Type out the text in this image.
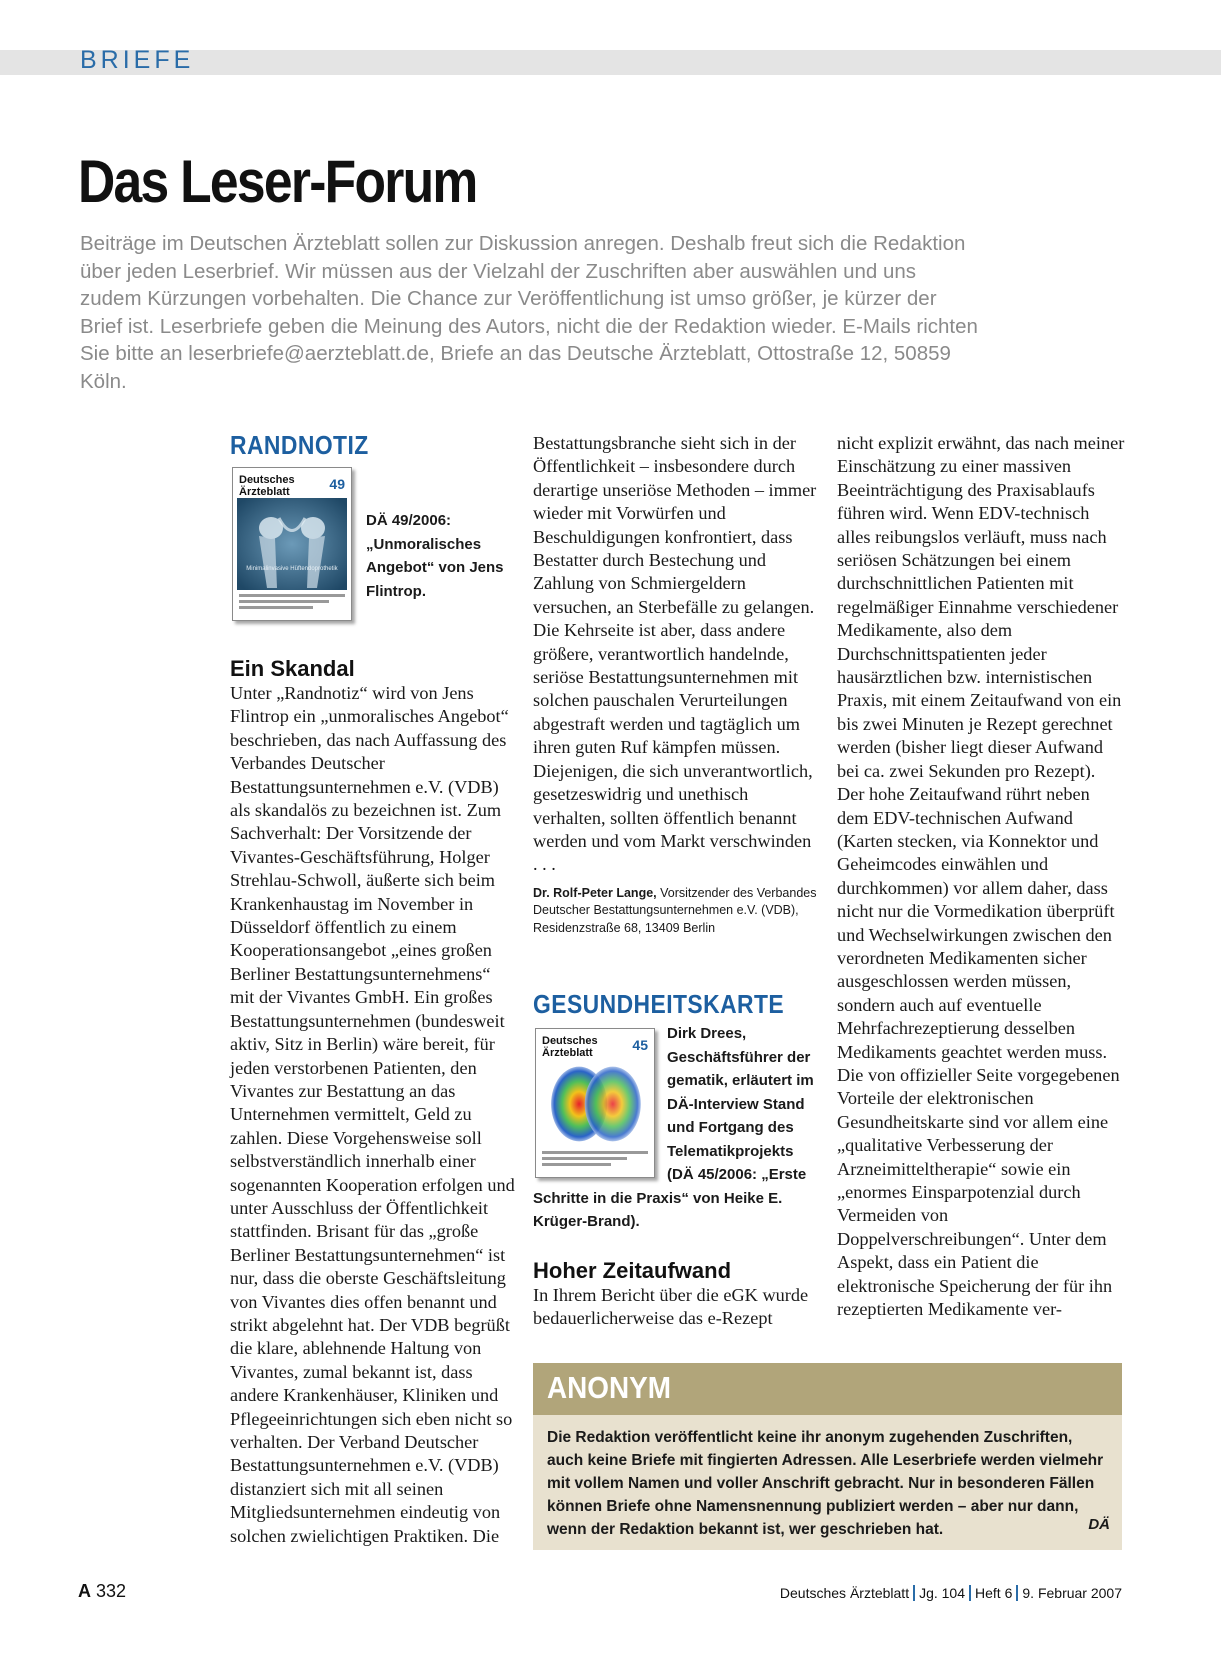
BRIEFE
Das Leser-Forum

Beiträge im Deutschen Ärzteblatt sollen zur Diskussion anregen. Deshalb freut sich die Redaktion über jeden Leserbrief. Wir müssen aus der Vielzahl der Zuschriften aber auswählen und uns zudem Kürzungen vorbehalten. Die Chance zur Veröffentlichung ist umso größer, je kürzer der Brief ist. Leserbriefe geben die Meinung des Autors, nicht die der Redaktion wieder. E-Mails richten Sie bitte an leserbriefe@aerzteblatt.de, Briefe an das Deutsche Ärzteblatt, Ottostraße 12, 50859 Köln.

RANDNOTIZ
Deutsches
Ärzteblatt	49
Minimalinvasive Hüftendoprothetik

DÄ 49/2006: „Unmoralisches Angebot“ von Jens Flintrop.

Ein Skandal

Unter „Randnotiz“ wird von Jens Flintrop ein „unmoralisches Angebot“ beschrieben, das nach Auffassung des Verbandes Deutscher Bestattungsunternehmen e.V. (VDB) als skandalös zu bezeichnen ist. Zum Sachverhalt: Der Vorsitzende der Vivantes-Geschäftsführung, Holger Strehlau-Schwoll, äußerte sich beim Krankenhaustag im November in Düsseldorf öffentlich zu einem Kooperationsangebot „eines großen Berliner Bestattungsunternehmens“ mit der Vivantes GmbH. Ein großes Bestattungsunternehmen (bundesweit aktiv, Sitz in Berlin) wäre bereit, für jeden verstorbenen Patienten, den Vivantes zur Bestattung an das Unternehmen vermittelt, Geld zu zahlen. Diese Vorgehensweise soll selbstverständlich innerhalb einer sogenannten Kooperation erfolgen und unter Ausschluss der Öffentlichkeit stattfinden. Brisant für das „große Berliner Bestattungsunternehmen“ ist nur, dass die oberste Geschäftsleitung von Vivantes dies offen benannt und strikt abgelehnt hat. Der VDB begrüßt die klare, ablehnende Haltung von Vivantes, zumal bekannt ist, dass andere Krankenhäuser, Kliniken und Pflegeeinrichtungen sich eben nicht so verhalten. Der Verband Deutscher Bestattungsunternehmen e.V. (VDB) distanziert sich mit all seinen Mitgliedsunternehmen eindeutig von solchen zwielichtigen Praktiken. Die

Bestattungsbranche sieht sich in der Öffentlichkeit – insbesondere durch derartige unseriöse Methoden – immer wieder mit Vorwürfen und Beschuldigungen konfrontiert, dass Bestatter durch Bestechung und Zahlung von Schmiergeldern versuchen, an Sterbefälle zu gelangen. Die Kehrseite ist aber, dass andere größere, verantwortlich handelnde, seriöse Bestattungsunternehmen mit solchen pauschalen Verurteilungen abgestraft werden und tagtäglich um ihren guten Ruf kämpfen müssen. Diejenigen, die sich unverantwortlich, gesetzeswidrig und unethisch verhalten, sollten öffentlich benannt werden und vom Markt verschwinden . . .

Dr. Rolf-Peter Lange, Vorsitzender des Verbandes Deutscher Bestattungsunternehmen e.V. (VDB), Residenzstraße 68, 13409 Berlin

GESUNDHEITSKARTE
Deutsches
Ärzteblatt	45

Dirk Drees, Geschäftsführer der gematik, erläutert im DÄ-Interview Stand und Fortgang des Telematikprojekts (DÄ 45/2006: „Erste Schritte in die Praxis“ von Heike E. Krüger-Brand).

Hoher Zeitaufwand

In Ihrem Bericht über die eGK wurde bedauerlicherweise das e-Rezept

nicht explizit erwähnt, das nach meiner Einschätzung zu einer massiven Beeinträchtigung des Praxisablaufs führen wird. Wenn EDV-technisch alles reibungslos verläuft, muss nach seriösen Schätzungen bei einem durchschnittlichen Patienten mit regelmäßiger Einnahme verschiedener Medikamente, also dem Durchschnittspatienten jeder hausärztlichen bzw. internistischen Praxis, mit einem Zeitaufwand von ein bis zwei Minuten je Rezept gerechnet werden (bisher liegt dieser Aufwand bei ca. zwei Sekunden pro Rezept). Der hohe Zeitaufwand rührt neben dem EDV-technischen Aufwand (Karten stecken, via Konnektor und Geheimcodes einwählen und durchkommen) vor allem daher, dass nicht nur die Vormedikation überprüft und Wechselwirkungen zwischen den verordneten Medikamenten sicher ausgeschlossen werden müssen, sondern auch auf eventuelle Mehrfachrezeptierung desselben Medikaments geachtet werden muss. Die von offizieller Seite vorgegebenen Vorteile der elektronischen Gesundheitskarte sind vor allem eine „qualitative Verbesserung der Arzneimitteltherapie“ sowie ein „enormes Einsparpotenzial durch Vermeiden von Doppelverschreibungen“. Unter dem Aspekt, dass ein Patient die elektronische Speicherung der für ihn rezeptierten Medikamente ver-

ANONYM

Die Redaktion veröffentlicht keine ihr anonym zugehenden Zuschriften, auch keine Briefe mit fingierten Adressen. Alle Leserbriefe werden vielmehr mit vollem Namen und voller Anschrift gebracht. Nur in besonderen Fällen können Briefe ohne Namensnennung publiziert werden – aber nur dann, wenn der Redaktion bekannt ist, wer geschrieben hat.	DÄ
A 332	Deutsches Ärzteblatt Jg. 104 Heft 6 9. Februar 2007
